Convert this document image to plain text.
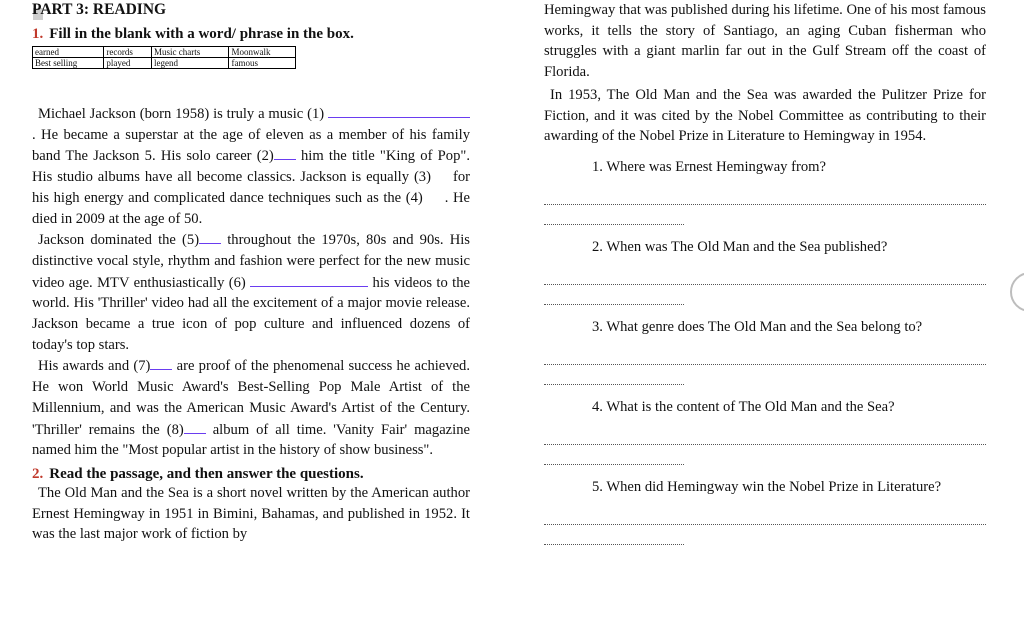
PART 3: READING
1. Fill in the blank with a word/ phrase in the box.
earned	records	Music charts	Moonwalk
Best selling	played	legend	famous

Michael Jackson (born 1958) is truly a music (1) . He became a superstar at the age of eleven as a member of his family band The Jackson 5. His solo career (2) him the title "King of Pop". His studio albums have all become classics. Jackson is equally (3) for his high energy and complicated dance techniques such as the (4) . He died in 2009 at the age of 50.

Jackson dominated the (5) throughout the 1970s, 80s and 90s. His distinctive vocal style, rhythm and fashion were perfect for the new music video age. MTV enthusiastically (6)	his videos to the world. His 'Thriller' video had all the excitement of a major movie release. Jackson became a true icon of pop culture and influenced dozens of today's top stars.

His awards and (7) are proof of the phenomenal success he achieved. He won World Music Award's Best-Selling Pop Male Artist of the Millennium, and was the American Music Award's Artist of the Century. 'Thriller' remains the (8) album of all time. 'Vanity Fair' magazine named him the "Most popular artist in the history of show business".

2. Read the passage, and then answer the questions.

The Old Man and the Sea is a short novel written by the American author Ernest Hemingway in 1951 in Bimini, Bahamas, and published in 1952. It was the last major work of fiction by

Hemingway that was published during his lifetime. One of his most famous works, it tells the story of Santiago, an aging Cuban fisherman who struggles with a giant marlin far out in the Gulf Stream off the coast of Florida.

In 1953, The Old Man and the Sea was awarded the Pulitzer Prize for Fiction, and it was cited by the Nobel Committee as contributing to their awarding of the Nobel Prize in Literature to Hemingway in 1954.

1. Where was Ernest Hemingway from?
2. When was The Old Man and the Sea published?
3. What genre does The Old Man and the Sea belong to?
4. What is the content of The Old Man and the Sea?
5. When did Hemingway win the Nobel Prize in Literature?
